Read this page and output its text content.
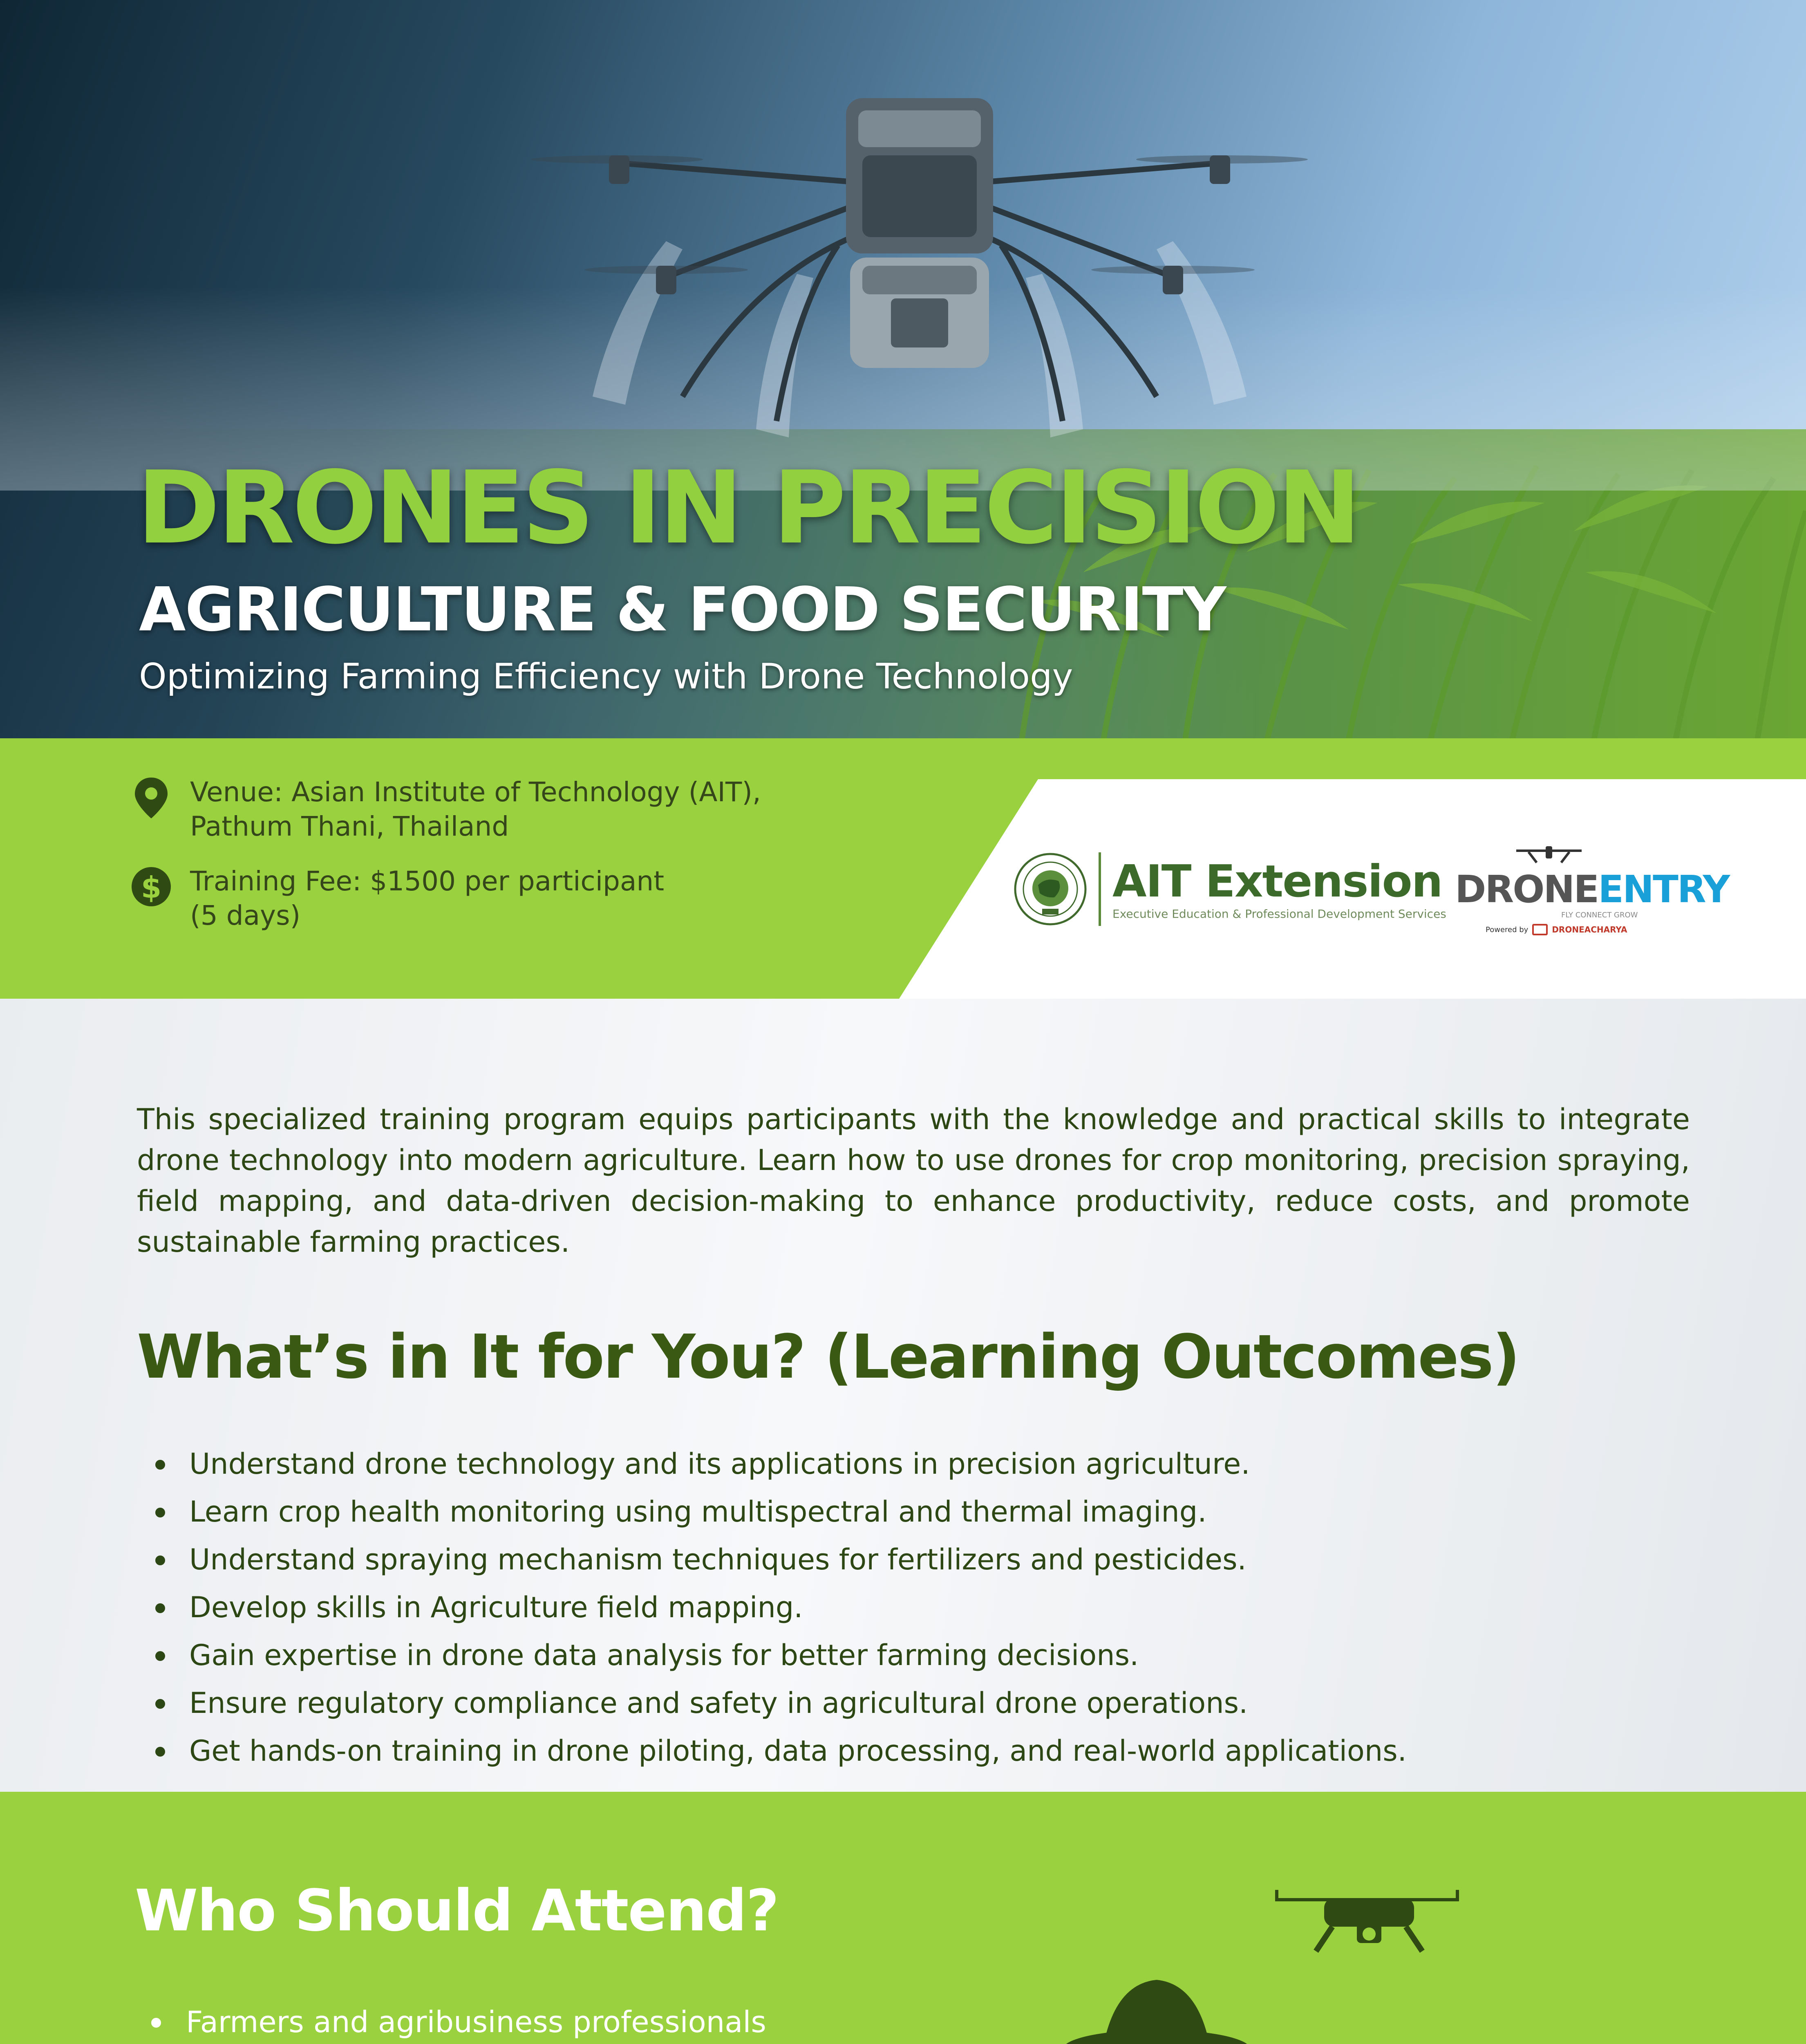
DRONES IN PRECISION
AGRICULTURE & FOOD SECURITY

Optimizing Farming Efficiency with Drone Technology

Venue: Asian Institute of Technology (AIT),
Pathum Thani, Thailand
$ Training Fee: $1500 per participant
(5 days)
AIT Extension
Executive Education & Professional Development Services
DRONEENTRY
FLY CONNECT GROW
Powered by	DRONEACHARYA

This specialized training program equips participants with the knowledge and practical skills to integrate drone technology into modern agriculture. Learn how to use drones for crop monitoring, precision spraying, field mapping, and data-driven decision-making to enhance productivity, reduce costs, and promote sustainable farming practices.

What’s in It for You? (Learning Outcomes)
Understand drone technology and its applications in precision agriculture.
Learn crop health monitoring using multispectral and thermal imaging.
Understand spraying mechanism techniques for fertilizers and pesticides.
Develop skills in Agriculture field mapping.
Gain expertise in drone data analysis for better farming decisions.
Ensure regulatory compliance and safety in agricultural drone operations.
Get hands-on training in drone piloting, data processing, and real-world applications.
Who Should Attend?
Farmers and agribusiness professionals
